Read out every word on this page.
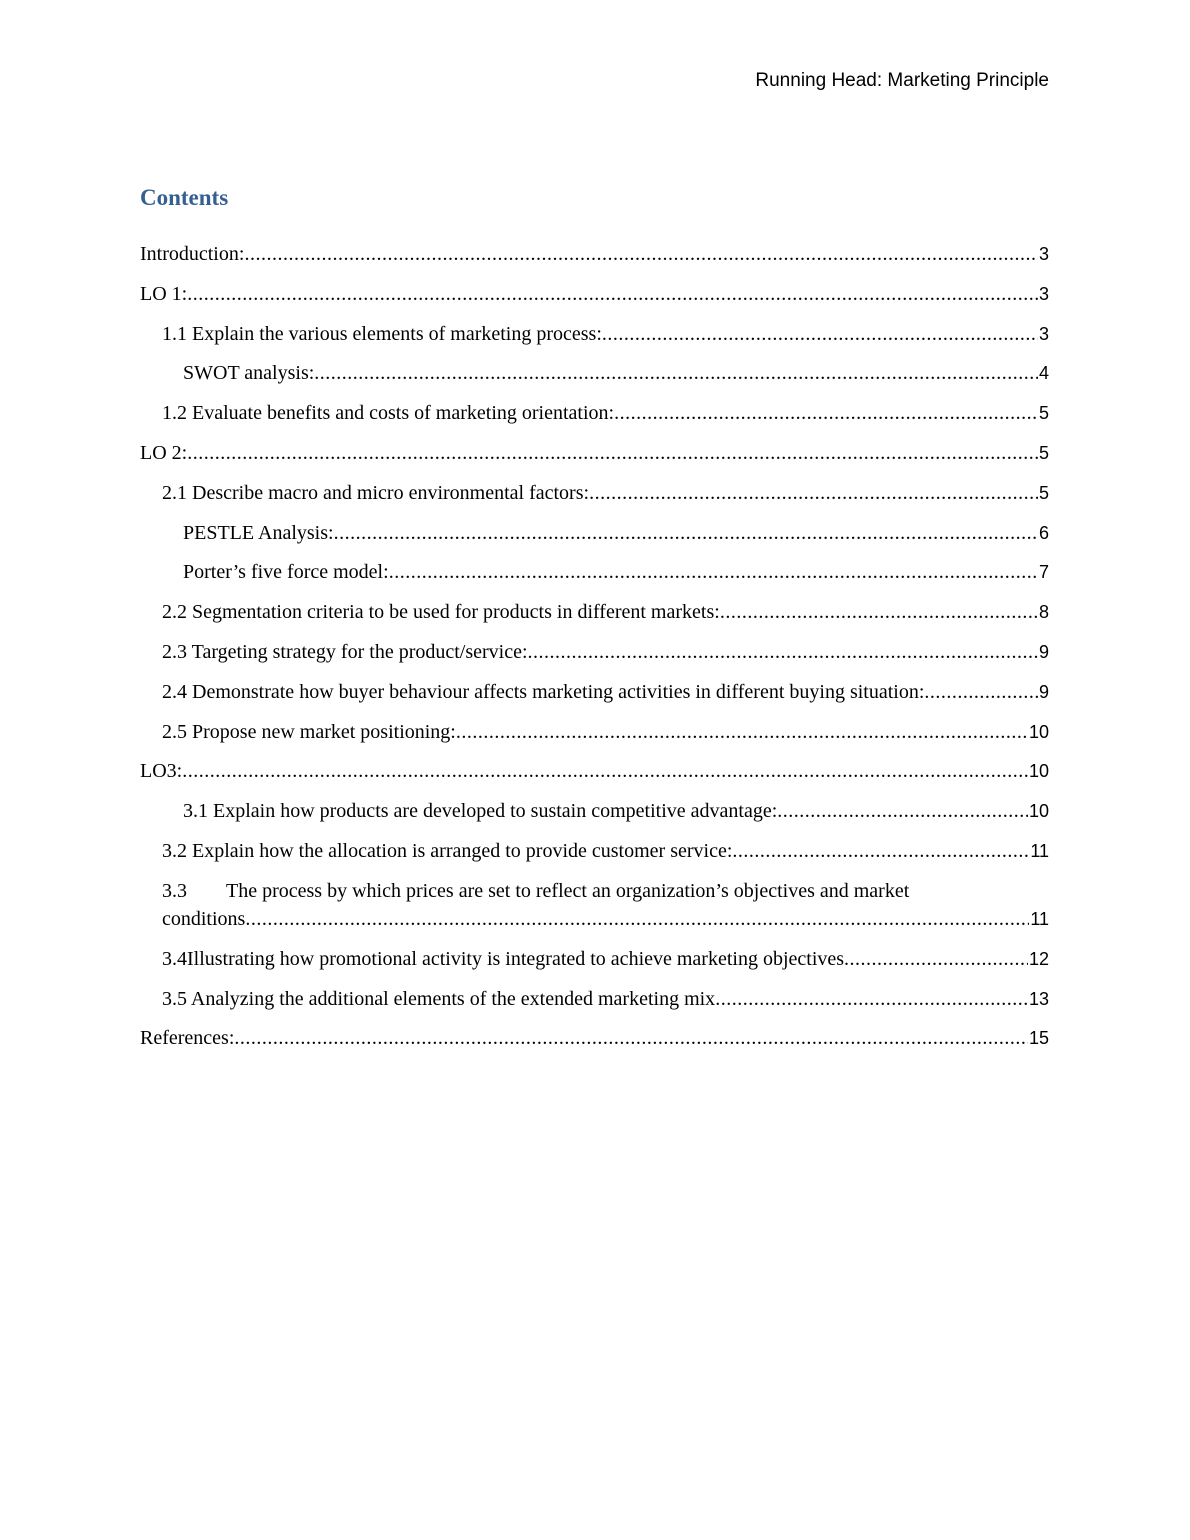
Running Head: Marketing Principle
Contents
Introduction: .....	3
LO 1: .....	3
1.1 Explain the various elements of marketing process: .....	3
SWOT analysis: .....	4
1.2 Evaluate benefits and costs of marketing orientation: .....	5
LO 2: .....	5
2.1 Describe macro and micro environmental factors: .....	5
PESTLE Analysis: .....	6
Porter’s five force model: .....	7
2.2 Segmentation criteria to be used for products in different markets: .....	8
2.3 Targeting strategy for the product/service: .....	9
2.4 Demonstrate how buyer behaviour affects marketing activities in different buying situation: .....	9
2.5 Propose new market positioning: .....	10
LO3: .....	10
3.1 Explain how products are developed to sustain competitive advantage: .....	10
3.2 Explain how the allocation is arranged to provide customer service: .....	11
3.3	The process by which prices are set to reflect an organization’s objectives and market
conditions .....	11
3.4 Illustrating how promotional activity is integrated to achieve marketing objectives .....	12
3.5 Analyzing the additional elements of the extended marketing mix .....	13
References: .....	15
